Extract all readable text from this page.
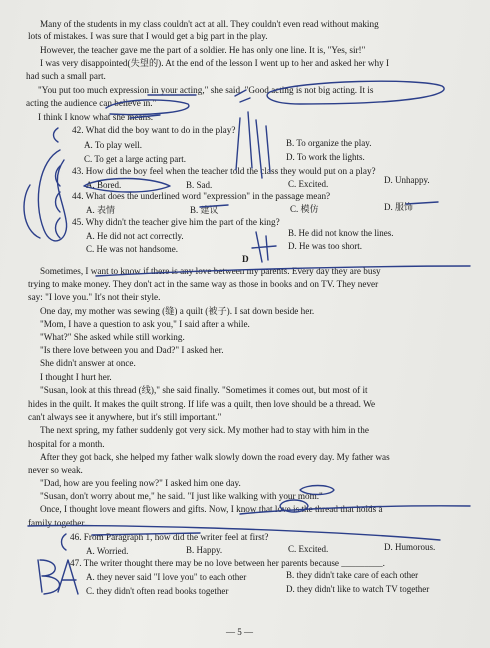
Many of the students in my class couldn't act at all. They couldn't even read without making
lots of mistakes. I was sure that I would get a big part in the play.
However, the teacher gave me the part of a soldier. He has only one line. It is, "Yes, sir!"
I was very disappointed(失望的). At the end of the lesson I went up to her and asked her why I
had such a small part.
"You put too much expression in your acting," she said. "Good acting is not big acting. It is
acting the audience can believe in."
I think I know what she means.
42. What did the boy want to do in the play?
A. To play well.	B. To organize the play.
C. To get a large acting part.	D. To work the lights.
43. How did the boy feel when the teacher told the class they would put on a play?
A. Bored.	B. Sad.	C. Excited.	D. Unhappy.
44. What does the underlined word "expression" in the passage mean?
A. 表情	B. 建议	C. 模仿	D. 服饰
45. Why didn't the teacher give him the part of the king?
A. He did not act correctly.	B. He did not know the lines.
C. He was not handsome.	D. He was too short.
D
Sometimes, I want to know if there is any love between my parents. Every day they are busy
trying to make money. They don't act in the same way as those in books and on TV. They never
say: "I love you." It's not their style.
One day, my mother was sewing (缝) a quilt (被子). I sat down beside her.
"Mom, I have a question to ask you," I said after a while.
"What?" She asked while still working.
"Is there love between you and Dad?" I asked her.
She didn't answer at once.
I thought I hurt her.
"Susan, look at this thread (线)," she said finally. "Sometimes it comes out, but most of it
hides in the quilt. It makes the quilt strong. If life was a quilt, then love should be a thread. We
can't always see it anywhere, but it's still important."
The next spring, my father suddenly got very sick. My mother had to stay with him in the
hospital for a month.
After they got back, she helped my father walk slowly down the road every day. My father was
never so weak.
"Dad, how are you feeling now?" I asked him one day.
"Susan, don't worry about me," he said. "I just like walking with your mom."
Once, I thought love meant flowers and gifts. Now, I know that love is the thread that holds a
family together.
46. From Paragraph 1, how did the writer feel at first?
A. Worried.	B. Happy.	C. Excited.	D. Humorous.
47. The writer thought there may be no love between her parents because _________.
A. they never said "I love you" to each other	B. they didn't take care of each other
C. they didn't often read books together	D. they didn't like to watch TV together
— 5 —
